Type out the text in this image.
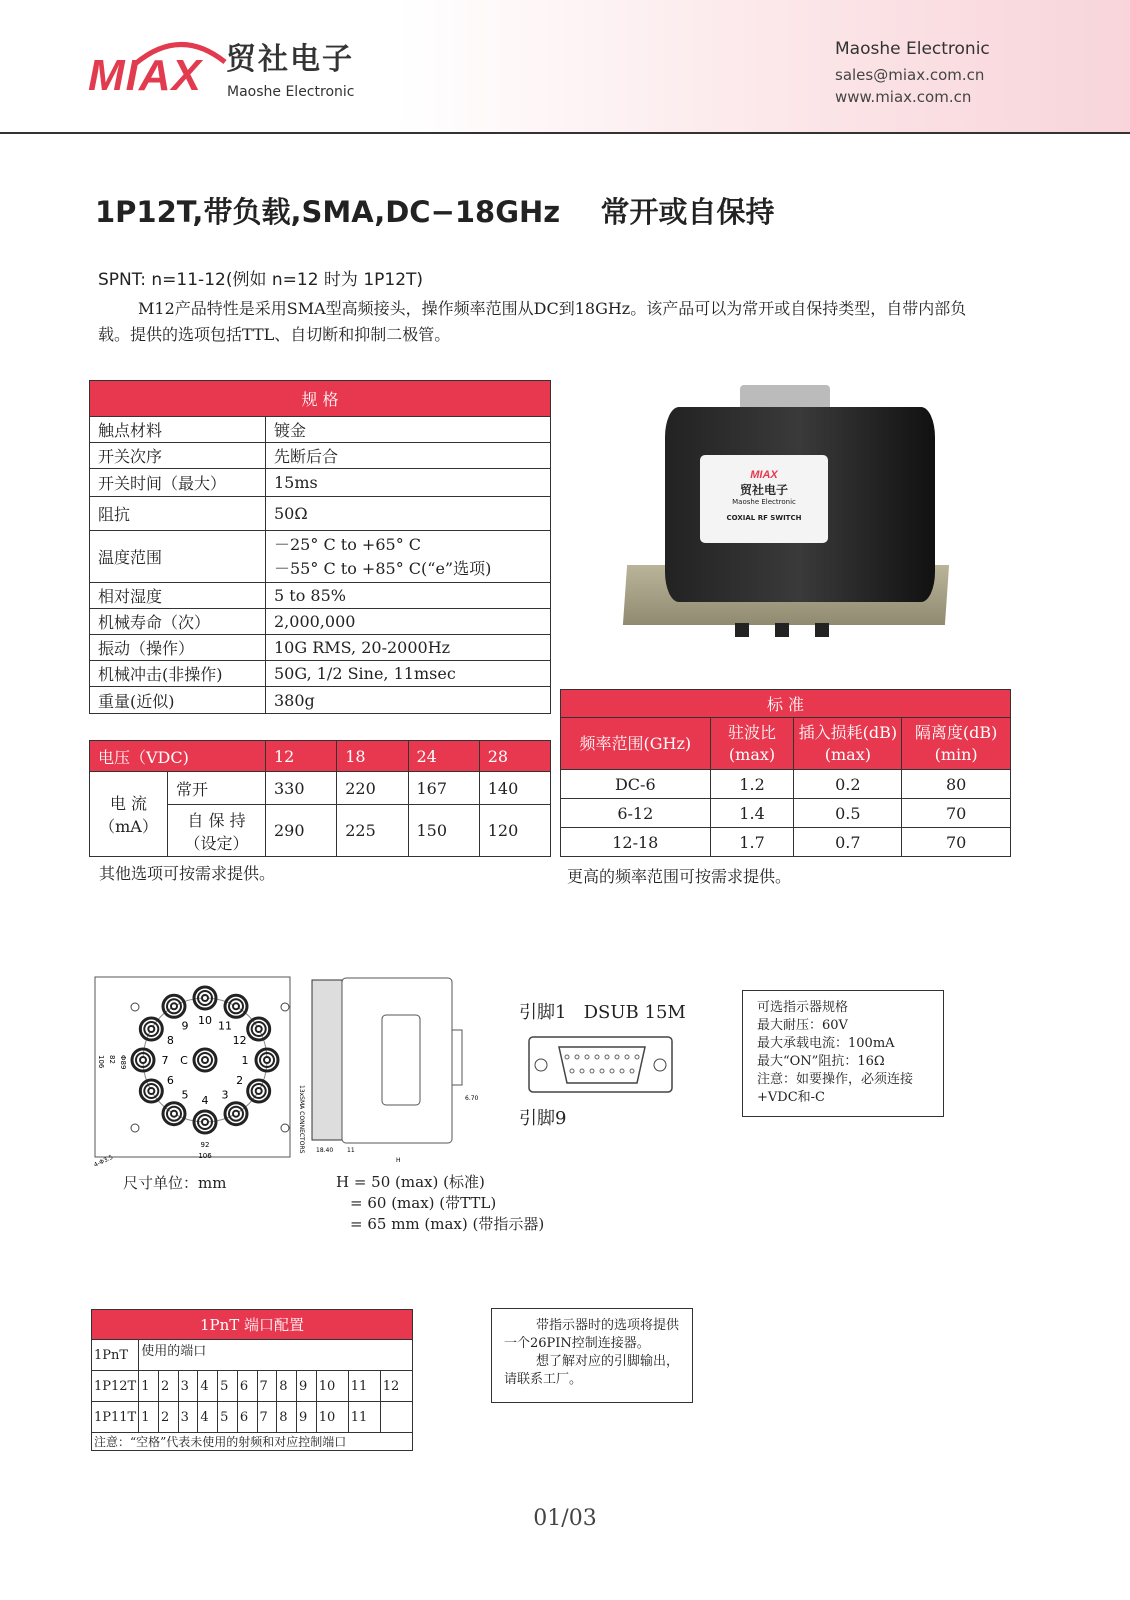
MIAX 贸社电子
Maoshe Electronic
Maoshe Electronic
sales@miax.com.cn
www.miax.com.cn
1P12T,带负载,SMA,DC−18GHz    常开或自保持
SPNT: n=11-12(例如 n=12 时为 1P12T)
M12产品特性是采用SMA型高频接头，操作频率范围从DC到18GHz。该产品可以为常开或自保持类型，自带内部负载。提供的选项包括TTL、自切断和抑制二极管。
规 格	
触点材料	镀金
开关次序	先断后合
开关时间（最大）	15ms
阻抗	50Ω
温度范围	－25° C to +65° C
－55° C to +85° C(“e”选项)
相对湿度	5 to 85%
机械寿命（次）	2,000,000
振动（操作）	10G RMS, 20-2000Hz
机械冲击(非操作)	50G, 1/2 Sine, 11msec
重量(近似)	380g
电压（VDC)		12	18	24	28
电 流（mA）	常开	330	220	167	140
	自 保 持（设定）	290	225	150	120
其他选项可按需求提供。
MIAX
贸社电子
Maoshe Electronic
COXIAL RF SWITCH
标 准			
频率范围(GHz)	驻波比(max)	插入损耗(dB)(max)	隔离度(dB)(min)
DC-6	1.2	0.2	80
6-12	1.4	0.5	70
12-18	1.7	0.7	70
更高的频率范围可按需求提供。
1
2
3
4
5
6
7
8
9 10 11
12
C
92
106
106 82 Φ89
4-Φ3.5
13xSMA CONNECTORS 18.40 11
H
6.70
尺寸单位：mm	H = 50 (max) (标准)
= 60 (max) (带TTL)
= 65 mm (max) (带指示器)
引脚1 DSUB 15M
引脚9
可选指示器规格
最大耐压：60V
最大承载电流：100mA
最大“ON”阻抗：16Ω
注意：如要操作，必须连接
+VDC和-C
1PnT 端口配置												
1PnT	使用的端口											
1P12T	1	2	3	4	5	6	7	8	9	10	11	12
1P11T	1	2	3	4	5	6	7	8	9	10	11	
注意：“空格”代表未使用的射频和对应控制端口												
带指示器时的选项将提供一个26PIN控制连接器。
想了解对应的引脚输出，请联系工厂。
01/03
